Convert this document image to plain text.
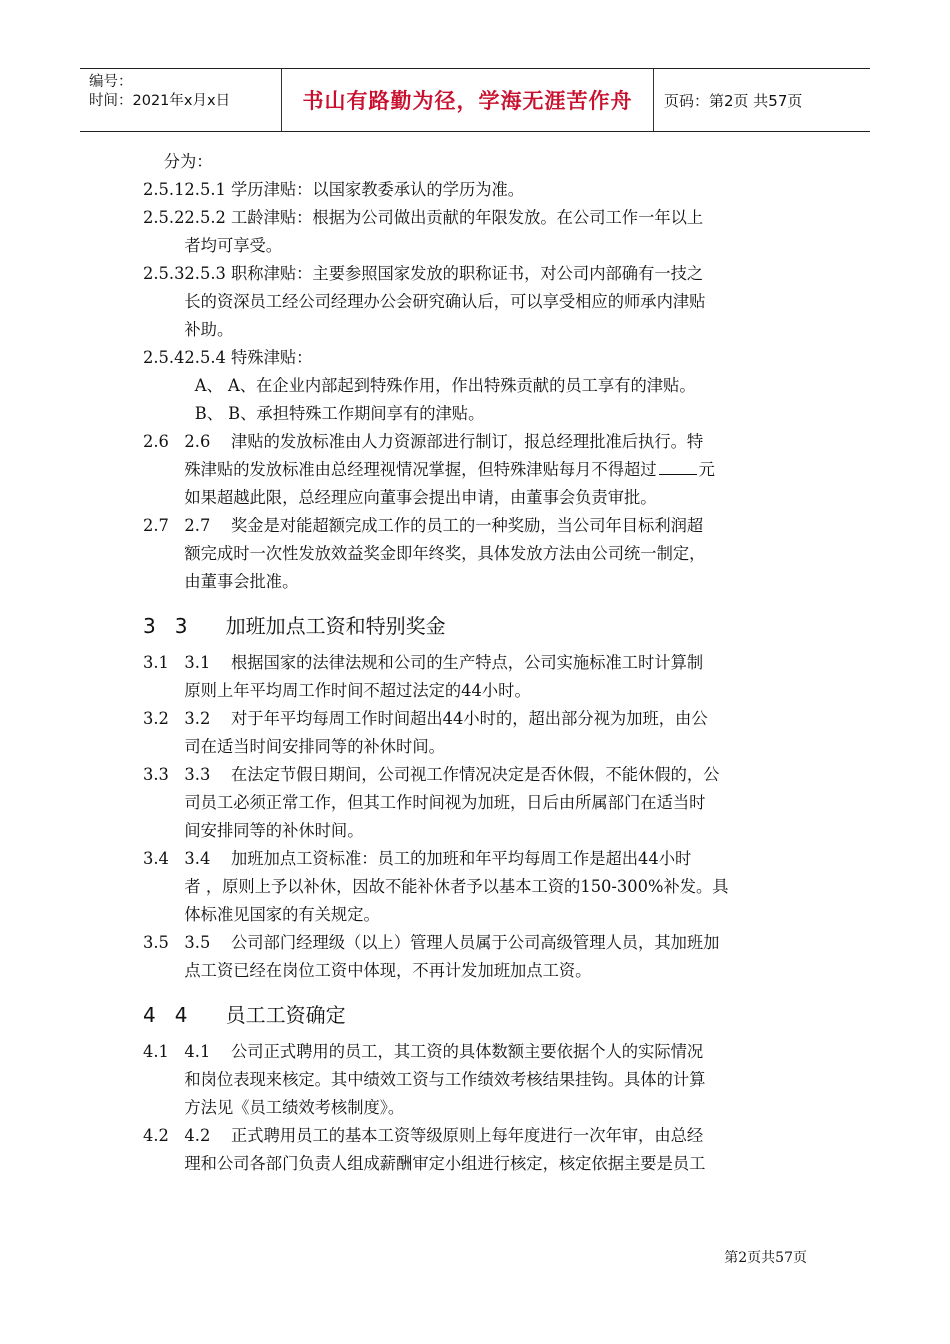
编号：
时间：2021年x月x日	书山有路勤为径，学海无涯苦作舟 页码：第2页 共57页
分为：
2.5.12.5.1 学历津贴：以国家教委承认的学历为准。
2.5.22.5.2 工龄津贴：根据为公司做出贡献的年限发放。在公司工作一年以上
者均可享受。
2.5.32.5.3 职称津贴：主要参照国家发放的职称证书，对公司内部确有一技之
长的资深员工经公司经理办公会研究确认后，可以享受相应的师承内津贴
补助。
2.5.42.5.4 特殊津贴：
A、 A、在企业内部起到特殊作用，作出特殊贡献的员工享有的津贴。
B、 B、承担特殊工作期间享有的津贴。
2.6   2.6    津贴的发放标准由人力资源部进行制订，报总经理批准后执行。特
殊津贴的发放标准由总经理视情况掌握，但特殊津贴每月不得超过	元
如果超越此限，总经理应向董事会提出申请，由董事会负责审批。
2.7   2.7    奖金是对能超额完成工作的员工的一种奖励，当公司年目标利润超
额完成时一次性发放效益奖金即年终奖，具体发放方法由公司统一制定，
由董事会批准。
3   3      加班加点工资和特别奖金
3.1   3.1    根据国家的法律法规和公司的生产特点，公司实施标准工时计算制
原则上年平均周工作时间不超过法定的44小时。
3.2   3.2    对于年平均每周工作时间超出44小时的，超出部分视为加班，由公
司在适当时间安排同等的补休时间。
3.3   3.3    在法定节假日期间，公司视工作情况决定是否休假，不能休假的，公
司员工必须正常工作，但其工作时间视为加班，日后由所属部门在适当时
间安排同等的补休时间。
3.4   3.4    加班加点工资标准：员工的加班和年平均每周工作是超出44小时
者 ，原则上予以补休，因故不能补休者予以基本工资的150-300%补发。具
体标准见国家的有关规定。
3.5   3.5    公司部门经理级（以上）管理人员属于公司高级管理人员，其加班加
点工资已经在岗位工资中体现，不再计发加班加点工资。
4   4      员工工资确定
4.1   4.1    公司正式聘用的员工，其工资的具体数额主要依据个人的实际情况
和岗位表现来核定。其中绩效工资与工作绩效考核结果挂钩。具体的计算
方法见《员工绩效考核制度》。
4.2   4.2    正式聘用员工的基本工资等级原则上每年度进行一次年审，由总经
理和公司各部门负责人组成薪酬审定小组进行核定，核定依据主要是员工
第2页共57页
